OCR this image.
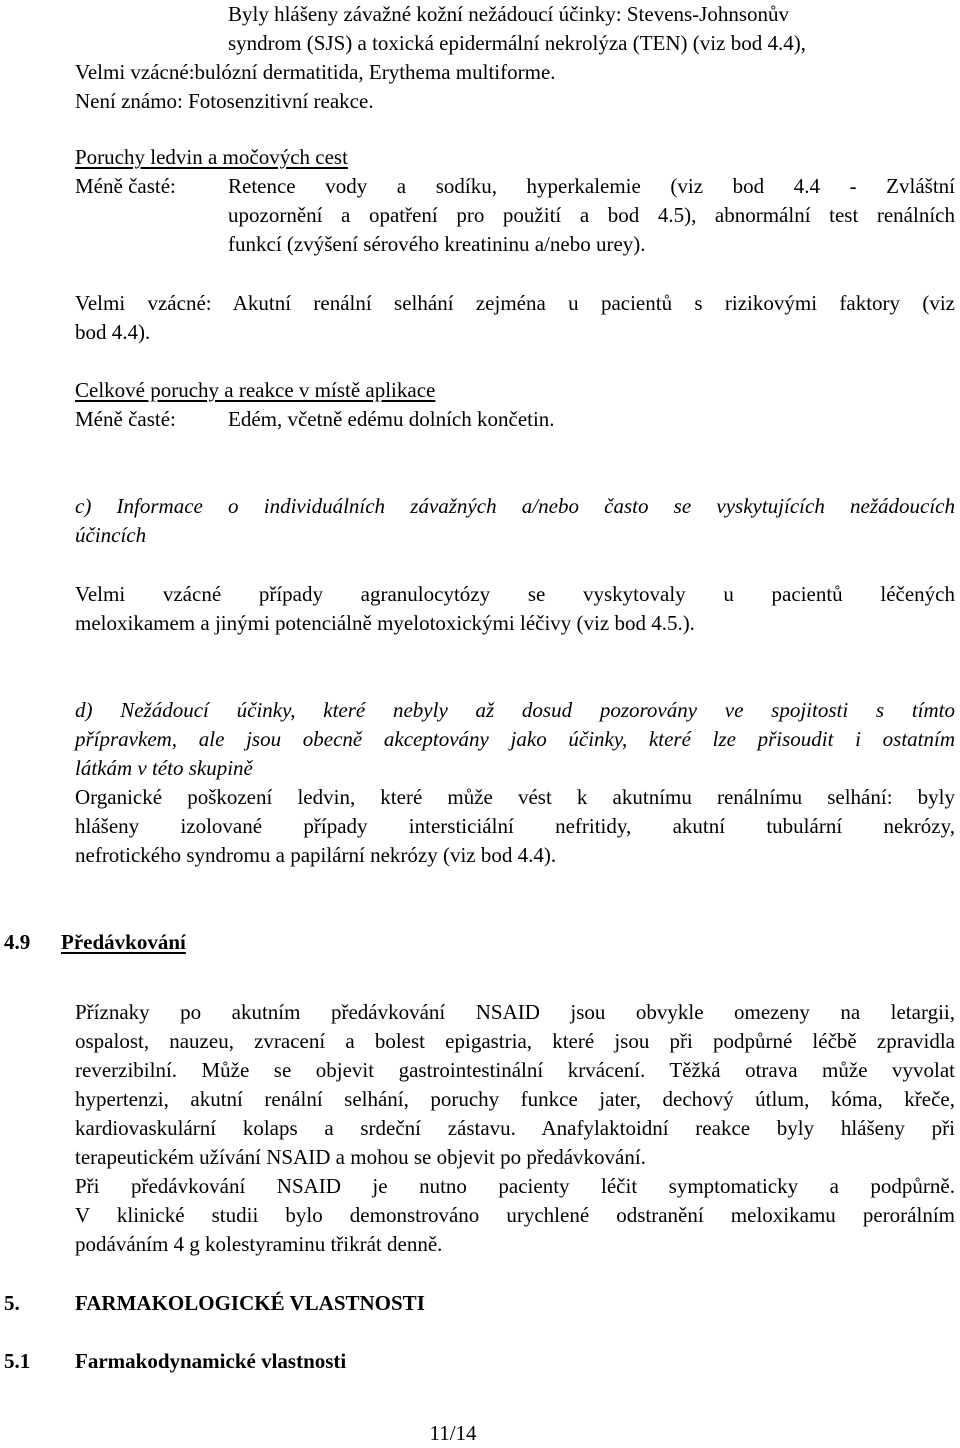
Byly hlášeny závažné kožní nežádoucí účinky: Stevens-Johnsonův
syndrom (SJS) a toxická epidermální nekrolýza (TEN) (viz bod 4.4),
Velmi vzácné:bulózní dermatitida, Erythema multiforme.
Není známo: Fotosenzitivní reakce.
Poruchy ledvin a močových cest
Méně časté: Retence vody a sodíku, hyperkalemie (viz bod 4.4 - Zvláštní
upozornění a opatření pro použití a bod 4.5), abnormální test renálních
funkcí (zvýšení sérového kreatininu a/nebo urey).
Velmi vzácné: Akutní renální selhání zejména u pacientů s rizikovými faktory (viz
bod 4.4).
Celkové poruchy a reakce v místě aplikace
Méně časté: Edém, včetně edému dolních končetin.
c) Informace o individuálních závažných a/nebo často se vyskytujících nežádoucích
účincích
Velmi vzácné případy agranulocytózy se vyskytovaly u pacientů léčených
meloxikamem a jinými potenciálně myelotoxickými léčivy (viz bod 4.5.).
d) Nežádoucí účinky, které nebyly až dosud pozorovány ve spojitosti s tímto
přípravkem, ale jsou obecně akceptovány jako účinky, které lze přisoudit i ostatním
látkám v této skupině
Organické poškození ledvin, které může vést k akutnímu renálnímu selhání: byly
hlášeny izolované případy intersticiální nefritidy, akutní tubulární nekrózy,
nefrotického syndromu a papilární nekrózy (viz bod 4.4).
4.9 Předávkování
Příznaky po akutním předávkování NSAID jsou obvykle omezeny na letargii,
ospalost, nauzeu, zvracení a bolest epigastria, které jsou při podpůrné léčbě zpravidla
reverzibilní. Může se objevit gastrointestinální krvácení. Těžká otrava může vyvolat
hypertenzi, akutní renální selhání, poruchy funkce jater, dechový útlum, kóma, křeče,
kardiovaskulární kolaps a srdeční zástavu. Anafylaktoidní reakce byly hlášeny při
terapeutickém užívání NSAID a mohou se objevit po předávkování.
Při předávkování NSAID je nutno pacienty léčit symptomaticky a podpůrně.
V klinické studii bylo demonstrováno urychlené odstranění meloxikamu perorálním
podáváním 4 g kolestyraminu třikrát denně.
5.	FARMAKOLOGICKÉ VLASTNOSTI
5.1 Farmakodynamické vlastnosti
11/14
